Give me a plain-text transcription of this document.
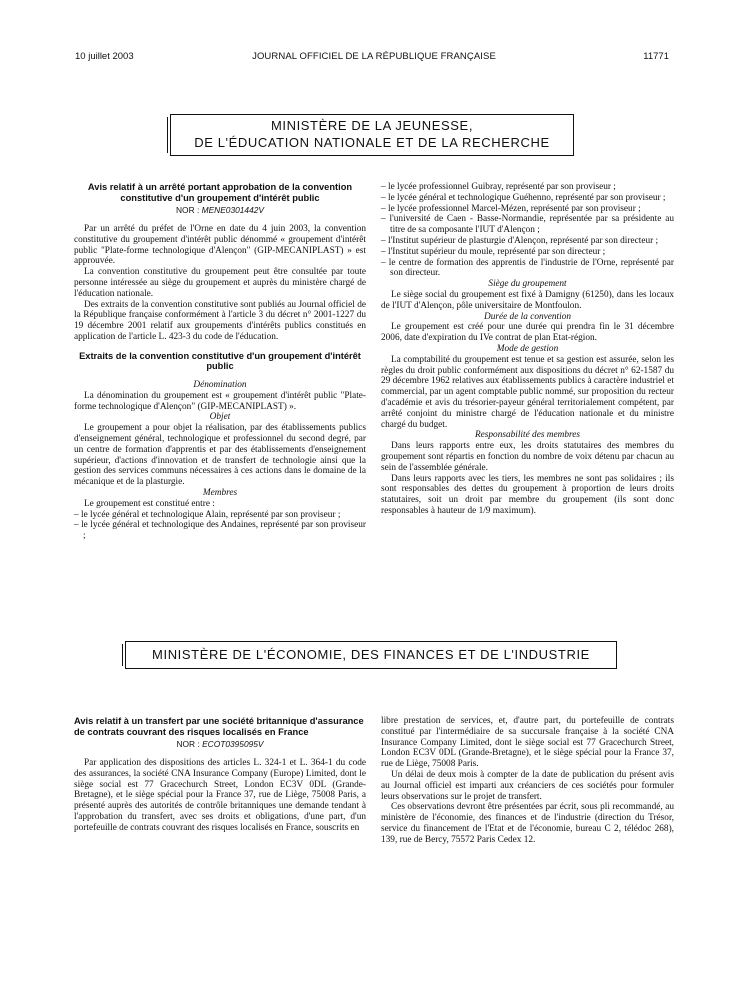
10 juillet 2003	JOURNAL OFFICIEL DE LA RÉPUBLIQUE FRANÇAISE	11771
MINISTÈRE DE LA JEUNESSE,
DE L'ÉDUCATION NATIONALE ET DE LA RECHERCHE
Avis relatif à un arrêté portant approbation de la convention constitutive d'un groupement d'intérêt public
NOR : MENE0301442V

Par un arrêté du préfet de l'Orne en date du 4 juin 2003, la convention constitutive du groupement d'intérêt public dénommé « groupement d'intérêt public "Plate-forme technologique d'Alençon" (GIP-MECANIPLAST) » est approuvée.

La convention constitutive du groupement peut être consultée par toute personne intéressée au siège du groupement et auprès du ministère chargé de l'éducation nationale.

Des extraits de la convention constitutive sont publiés au Journal officiel de la République française conformément à l'article 3 du décret n° 2001-1227 du 19 décembre 2001 relatif aux groupements d'intérêts publics constitués en application de l'article L. 423-3 du code de l'éducation.

Extraits de la convention constitutive d'un groupement d'intérêt public

Dénomination

La dénomination du groupement est « groupement d'intérêt public "Plate-forme technologique d'Alençon" (GIP-MECANIPLAST) ».

Objet

Le groupement a pour objet la réalisation, par des établissements publics d'enseignement général, technologique et professionnel du second degré, par un centre de formation d'apprentis et par des établissements d'enseignement supérieur, d'actions d'innovation et de transfert de technologie ainsi que la gestion des services communs nécessaires à ces actions dans le domaine de la mécanique et de la plasturgie.

Membres

Le groupement est constitué entre :

– le lycée général et technologique Alain, représenté par son proviseur ;
– le lycée général et technologique des Andaines, représenté par son proviseur ;
– le lycée professionnel Guibray, représenté par son proviseur ;
– le lycée général et technologique Guéhenno, représenté par son proviseur ;
– le lycée professionnel Marcel-Mézen, représenté par son proviseur ;
– l'université de Caen - Basse-Normandie, représentée par sa présidente au titre de sa composante l'IUT d'Alençon ;
– l'Institut supérieur de plasturgie d'Alençon, représenté par son directeur ;
– l'Institut supérieur du moule, représenté par son directeur ;
– le centre de formation des apprentis de l'industrie de l'Orne, représenté par son directeur.

Siège du groupement

Le siège social du groupement est fixé à Damigny (61250), dans les locaux de l'IUT d'Alençon, pôle universitaire de Montfoulon.

Durée de la convention

Le groupement est créé pour une durée qui prendra fin le 31 décembre 2006, date d'expiration du IVe contrat de plan Etat-région.

Mode de gestion

La comptabilité du groupement est tenue et sa gestion est assurée, selon les règles du droit public conformément aux dispositions du décret n° 62-1587 du 29 décembre 1962 relatives aux établissements publics à caractère industriel et commercial, par un agent comptable public nommé, sur proposition du recteur d'académie et avis du trésorier-payeur général territorialement compétent, par arrêté conjoint du ministre chargé de l'éducation nationale et du ministre chargé du budget.

Responsabilité des membres

Dans leurs rapports entre eux, les droits statutaires des membres du groupement sont répartis en fonction du nombre de voix détenu par chacun au sein de l'assemblée générale.

Dans leurs rapports avec les tiers, les membres ne sont pas solidaires ; ils sont responsables des dettes du groupement à proportion de leurs droits statutaires, soit un droit par membre du groupement (ils sont donc responsables à hauteur de 1/9 maximum).

MINISTÈRE DE L'ÉCONOMIE, DES FINANCES ET DE L'INDUSTRIE
Avis relatif à un transfert par une société britannique d'assurance de contrats couvrant des risques localisés en France
NOR : ECOT0395095V

Par application des dispositions des articles L. 324-1 et L. 364-1 du code des assurances, la société CNA Insurance Company (Europe) Limited, dont le siège social est 77 Gracechurch Street, London EC3V 0DL (Grande-Bretagne), et le siège spécial pour la France 37, rue de Liège, 75008 Paris, a présenté auprès des autorités de contrôle britanniques une demande tendant à l'approbation du transfert, avec ses droits et obligations, d'une part, d'un portefeuille de contrats couvrant des risques localisés en France, souscrits en

libre prestation de services, et, d'autre part, du portefeuille de contrats constitué par l'intermédiaire de sa succursale française à la société CNA Insurance Company Limited, dont le siège social est 77 Gracechurch Street, London EC3V 0DL (Grande-Bretagne), et le siège spécial pour la France 37, rue de Liège, 75008 Paris.

Un délai de deux mois à compter de la date de publication du présent avis au Journal officiel est imparti aux créanciers de ces sociétés pour formuler leurs observations sur le projet de transfert.

Ces observations devront être présentées par écrit, sous pli recommandé, au ministère de l'économie, des finances et de l'industrie (direction du Trésor, service du financement de l'Etat et de l'économie, bureau C 2, télédoc 268), 139, rue de Bercy, 75572 Paris Cedex 12.
